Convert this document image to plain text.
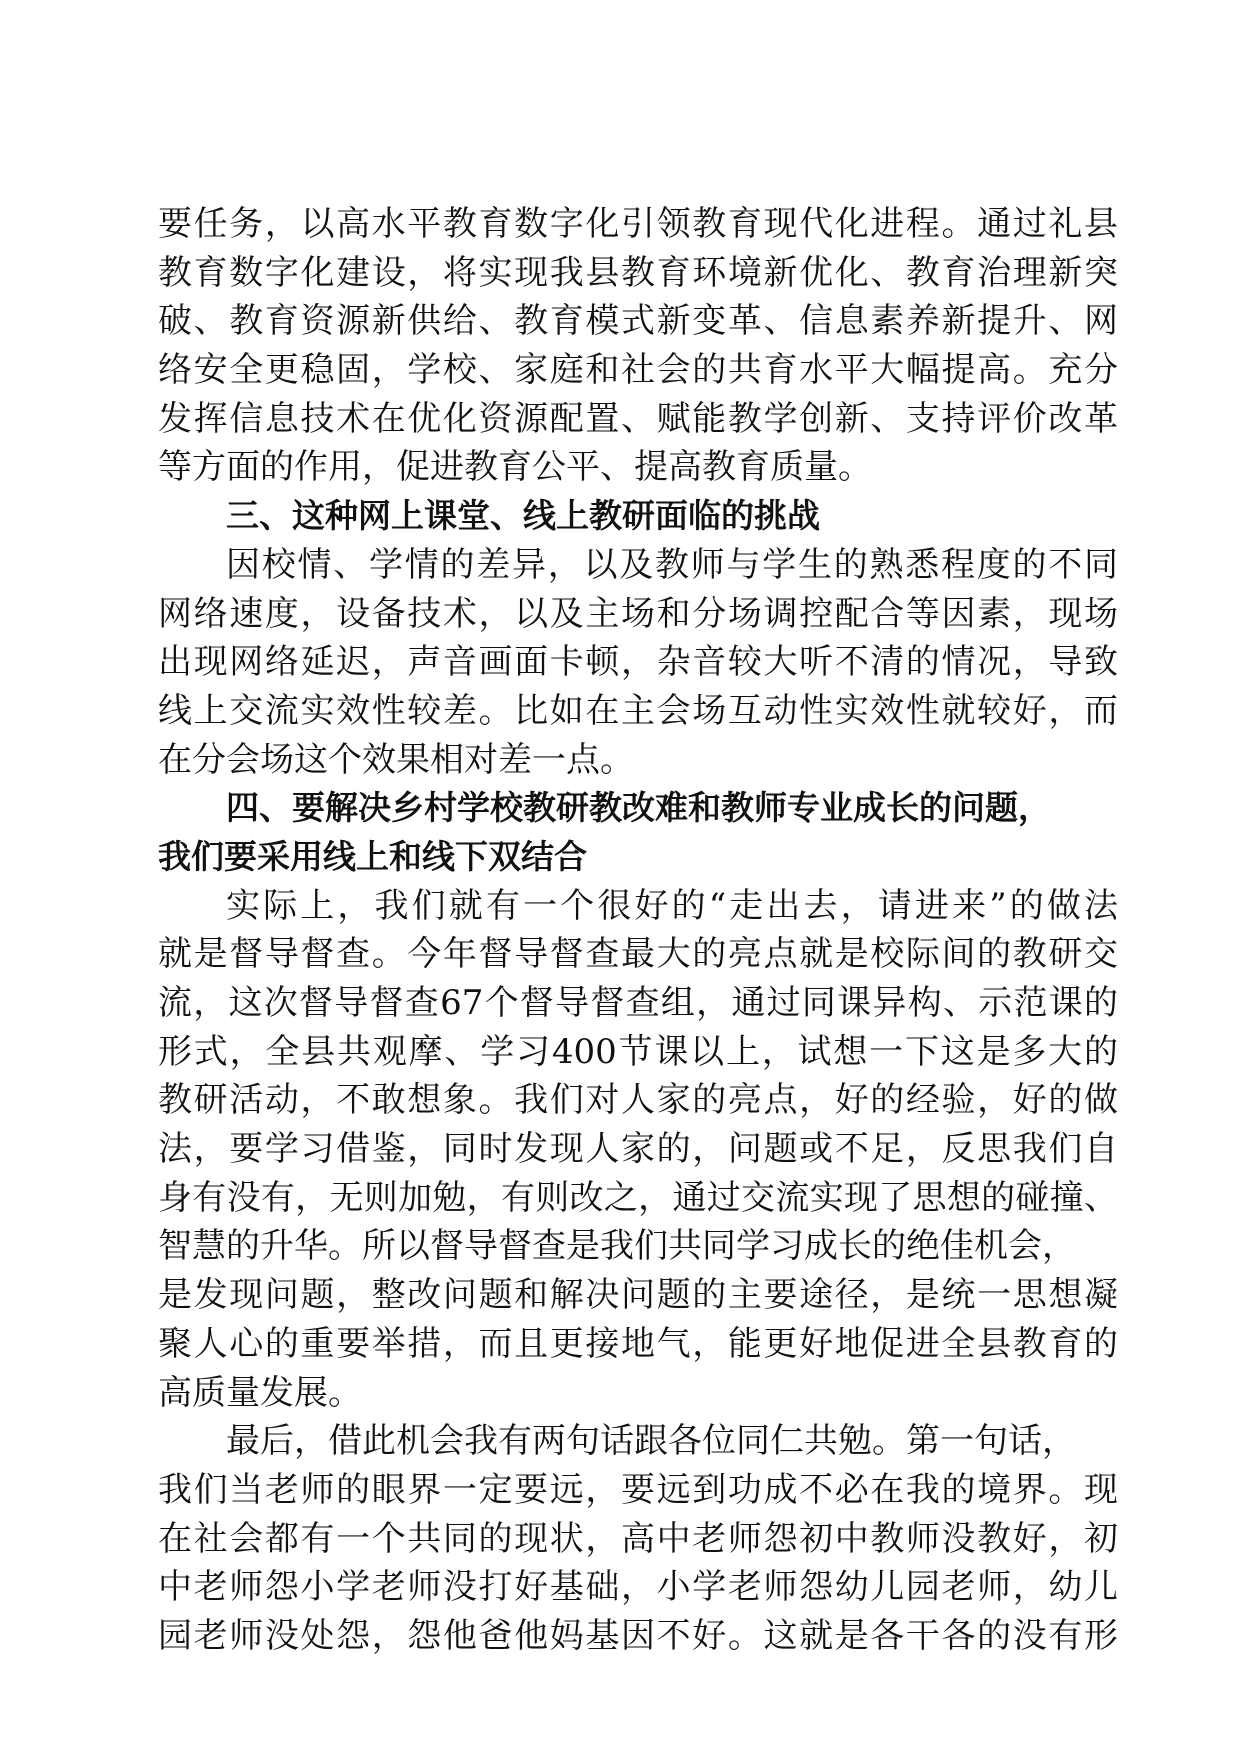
要任务，以高水平教育数字化引领教育现代化进程。通过礼县
教育数字化建设，将实现我县教育环境新优化、教育治理新突
破、教育资源新供给、教育模式新变革、信息素养新提升、网
络安全更稳固，学校、家庭和社会的共育水平大幅提高。充分
发挥信息技术在优化资源配置、赋能教学创新、支持评价改革
等方面的作用，促进教育公平、提高教育质量。
三、这种网上课堂、线上教研面临的挑战
因校情、学情的差异，以及教师与学生的熟悉程度的不同
网络速度，设备技术，以及主场和分场调控配合等因素，现场
出现网络延迟，声音画面卡顿，杂音较大听不清的情况，导致
线上交流实效性较差。比如在主会场互动性实效性就较好，而
在分会场这个效果相对差一点。
四、要解决乡村学校教研教改难和教师专业成长的问题，
我们要采用线上和线下双结合
实际上，我们就有一个很好的“走出去，请进来”的做法
就是督导督查。今年督导督查最大的亮点就是校际间的教研交
流，这次督导督查67个督导督查组，通过同课异构、示范课的
形式，全县共观摩、学习400节课以上，试想一下这是多大的
教研活动，不敢想象。我们对人家的亮点，好的经验，好的做
法，要学习借鉴，同时发现人家的，问题或不足，反思我们自
身有没有，无则加勉，有则改之，通过交流实现了思想的碰撞、
智慧的升华。所以督导督查是我们共同学习成长的绝佳机会，
是发现问题，整改问题和解决问题的主要途径，是统一思想凝
聚人心的重要举措，而且更接地气，能更好地促进全县教育的
高质量发展。
最后，借此机会我有两句话跟各位同仁共勉。第一句话，
我们当老师的眼界一定要远，要远到功成不必在我的境界。现
在社会都有一个共同的现状，高中老师怨初中教师没教好，初
中老师怨小学老师没打好基础，小学老师怨幼儿园老师，幼儿
园老师没处怨，怨他爸他妈基因不好。这就是各干各的没有形
